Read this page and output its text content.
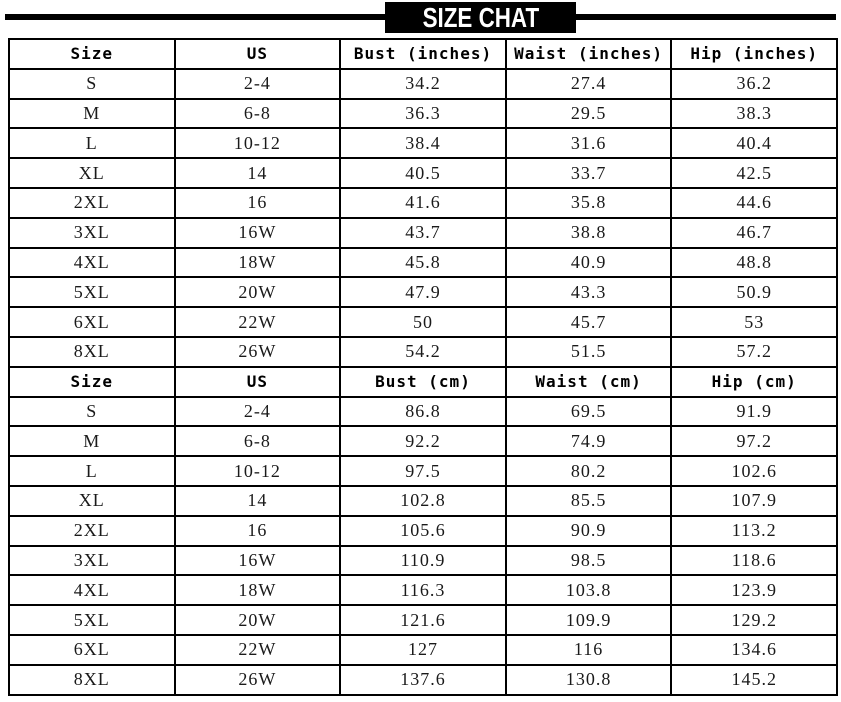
SIZE CHAT
Size	US	Bust (inches)	Waist (inches)	Hip (inches)
S	2-4	34.2	27.4	36.2
M	6-8	36.3	29.5	38.3
L	10-12	38.4	31.6	40.4
XL	14	40.5	33.7	42.5
2XL	16	41.6	35.8	44.6
3XL	16W	43.7	38.8	46.7
4XL	18W	45.8	40.9	48.8
5XL	20W	47.9	43.3	50.9
6XL	22W	50	45.7	53
8XL	26W	54.2	51.5	57.2
Size	US	Bust (cm)	Waist (cm)	Hip (cm)
S	2-4	86.8	69.5	91.9
M	6-8	92.2	74.9	97.2
L	10-12	97.5	80.2	102.6
XL	14	102.8	85.5	107.9
2XL	16	105.6	90.9	113.2
3XL	16W	110.9	98.5	118.6
4XL	18W	116.3	103.8	123.9
5XL	20W	121.6	109.9	129.2
6XL	22W	127	116	134.6
8XL	26W	137.6	130.8	145.2
